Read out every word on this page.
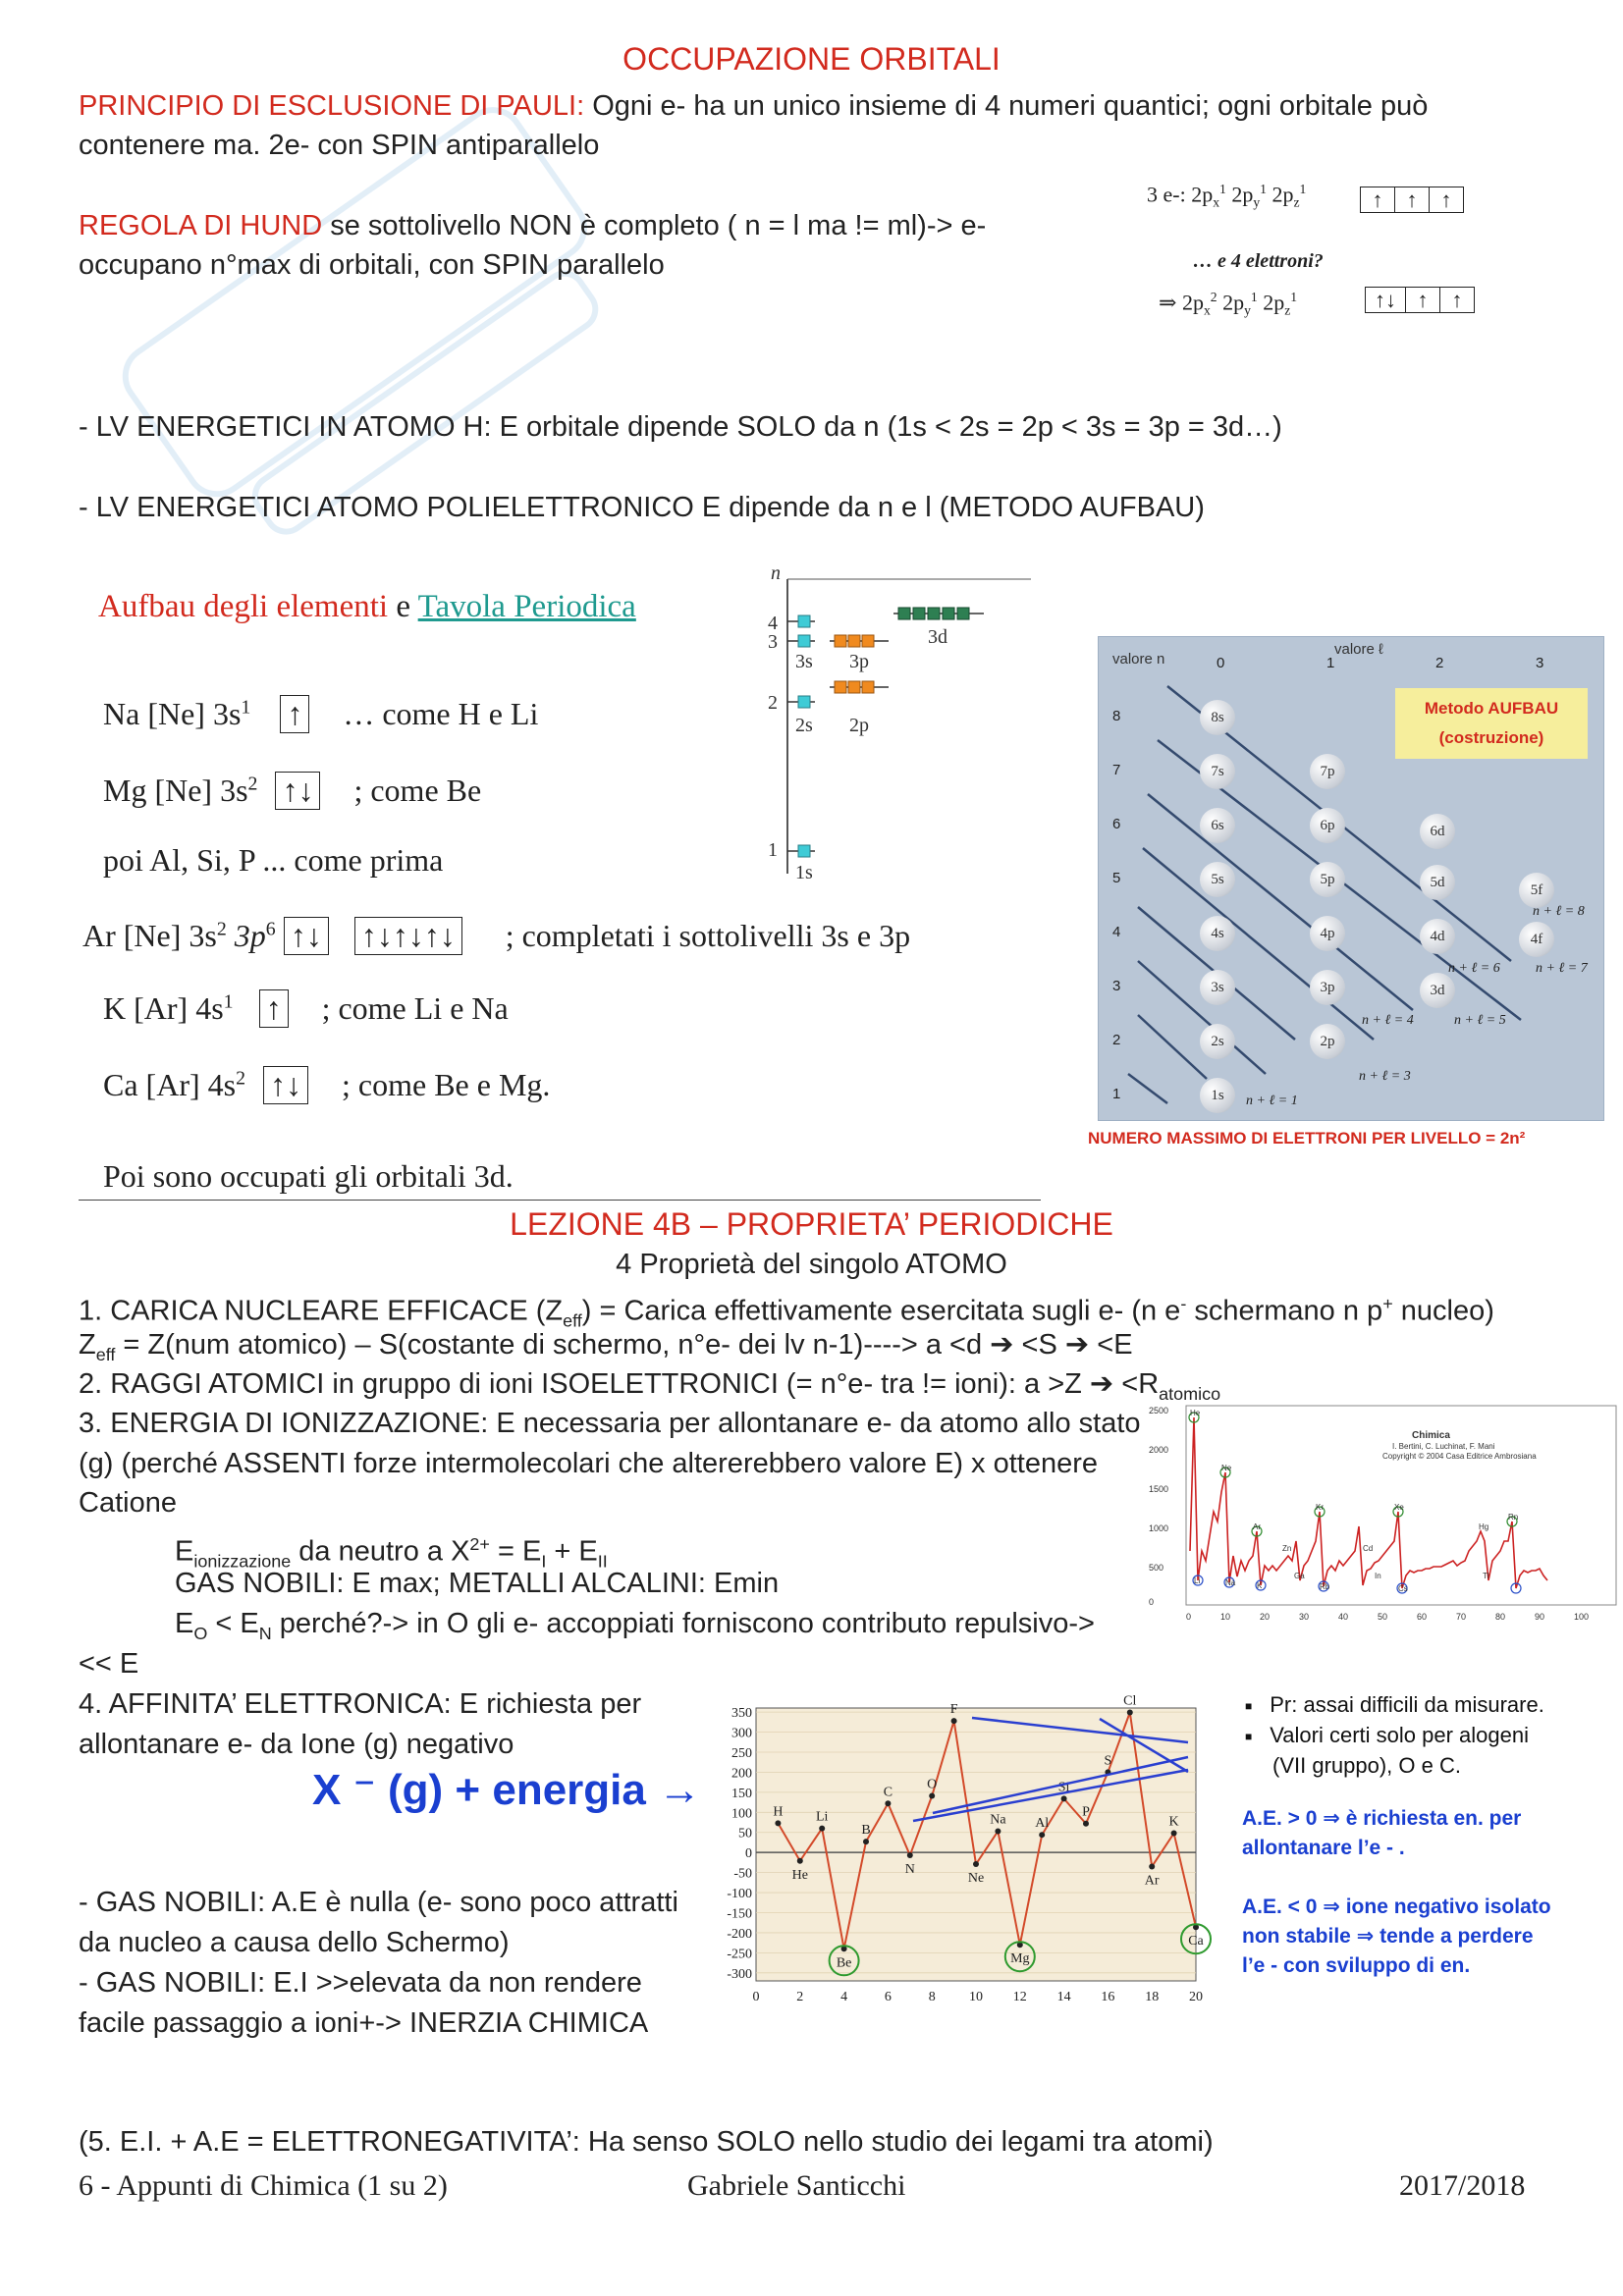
OCCUPAZIONE ORBITALI
PRINCIPIO DI ESCLUSIONE DI PAULI: Ogni e- ha un unico insieme di 4 numeri quantici; ogni orbitale può
contenere ma. 2e- con SPIN antiparallelo
REGOLA DI HUND se sottolivello NON è completo ( n = l ma != ml)-> e-
occupano n°max di orbitali, con SPIN parallelo
3 e-: $2p_x^1$ $2p_y^1$ $2p_z^1$	↑	↑	↑
… e 4 elettroni?
⇒ $2p_x^2$ $2p_y^1$ $2p_z^1$	↑↓ ↑	↑
- LV ENERGETICI IN ATOMO H: E orbitale dipende SOLO da n (1s < 2s = 2p < 3s = 3p = 3d…)
- LV ENERGETICI ATOMO POLIELETTRONICO E dipende da n e l (METODO AUFBAU)
Aufbau degli elementi e Tavola Periodica
Na [Ne] $3s^1$ ↑ … come H e Li
Mg [Ne] $3s^2$ ↑↓ ; come Be
poi Al, Si, P ... come prima
Ar [Ne] $3s^2$ $3p^6$ ↑↓ ↑↓↑↓↑↓ ; completati i sottolivelli 3s e 3p
K [Ar] $4s^1$ ↑ ; come Li e Na
Ca [Ar] $4s^2$ ↑↓ ; come Be e Mg.
Poi sono occupati gli orbitali 3d.
n
4
3
2
1
3s 3p
3d
2s 2p
1s
valore n
valore ℓ
0	1	2	3
8
7
6
5
4
3
2
1
Metodo AUFBAU
(costruzione)
8s
7s	7p
6s	6p	6d
5s	5p	5d	5f
4s	4p	4d	4f
3s	3p	3d
2s	2p
1s
n + ℓ = 8
n + ℓ = 7
n + ℓ = 6
n + ℓ = 5
n + ℓ = 4
n + ℓ = 3
n + ℓ = 1
NUMERO MASSIMO DI ELETTRONI PER LIVELLO = 2n²
LEZIONE 4B – PROPRIETA’ PERIODICHE
4 Proprietà del singolo ATOMO
1. CARICA NUCLEARE EFFICACE $(Z_{eff})$ = Carica effettivamente esercitata sugli e- (n e- schermano n p+ nucleo)
$Z_{eff} = Z(num$ atomico) – S(costante di schermo, n°e- dei lv n-1)----> a <d ➔ <S ➔ <E
2. RAGGI ATOMICI in gruppo di ioni ISOELETTRONICI (= n°e- tra != ioni): a >Z ➔ $<R_{atomico}$
3. ENERGIA DI IONIZZAZIONE: E necessaria per allontanare e- da atomo allo stato
(g) (perché ASSENTI forze intermolecolari che altererebbero valore E) x ottenere
Catione
$E_{ionizzazione}$ da neutro a $X^{2+} = E_I + E_{II}$
GAS NOBILI: E max; METALLI ALCALINI: Emin
$E_O < E_N$ perché?-> in O gli e- accoppiati forniscono contributo repulsivo->
<< E
2500
2000
1500
1000
500
0
0	10	20	30	40	50	60	70	80	90	100
Chimica
I. Bertini, C. Luchinat, F. Mani
Copyright © 2004 Casa Editrice Ambrosiana
He
Ne
Ar
Kr	Xe
Rn
Li	Na	K	Rb	Cs
Zn	Cd
Hg
Tl
Ga	In
4. AFFINITA’ ELETTRONICA: E richiesta per
allontanare e- da Ione (g) negativo
X ⁻ (g) + energia →
- GAS NOBILI: A.E è nulla (e- sono poco attratti
da nucleo a causa dello Schermo)
- GAS NOBILI: E.I >>elevata da non rendere
facile passaggio a ioni+-> INERZIA CHIMICA
350
300
250
200
150
100
50
0
-50
-100
-150
-200
-250
-300
0	2	4	6	8 10 12 14 16 18 20
H
He
Li
Be
B
C
N
O
F
Ne
Na
Mg
Al
Si
P
S
Cl
Ar
K
Ca
■ Pr: assai difficili da misurare.
■ Valori certi solo per alogeni
(VII gruppo), O e C.
A.E. > 0 ⇒ è richiesta en. per
allontanare l’e - .
A.E. < 0 ⇒ ione negativo isolato
non stabile ⇒ tende a perdere
l’e - con sviluppo di en.
(5. E.I. + A.E = ELETTRONEGATIVITA’: Ha senso SOLO nello studio dei legami tra atomi)
6 - Appunti di Chimica (1 su 2)	Gabriele Santicchi	2017/2018
